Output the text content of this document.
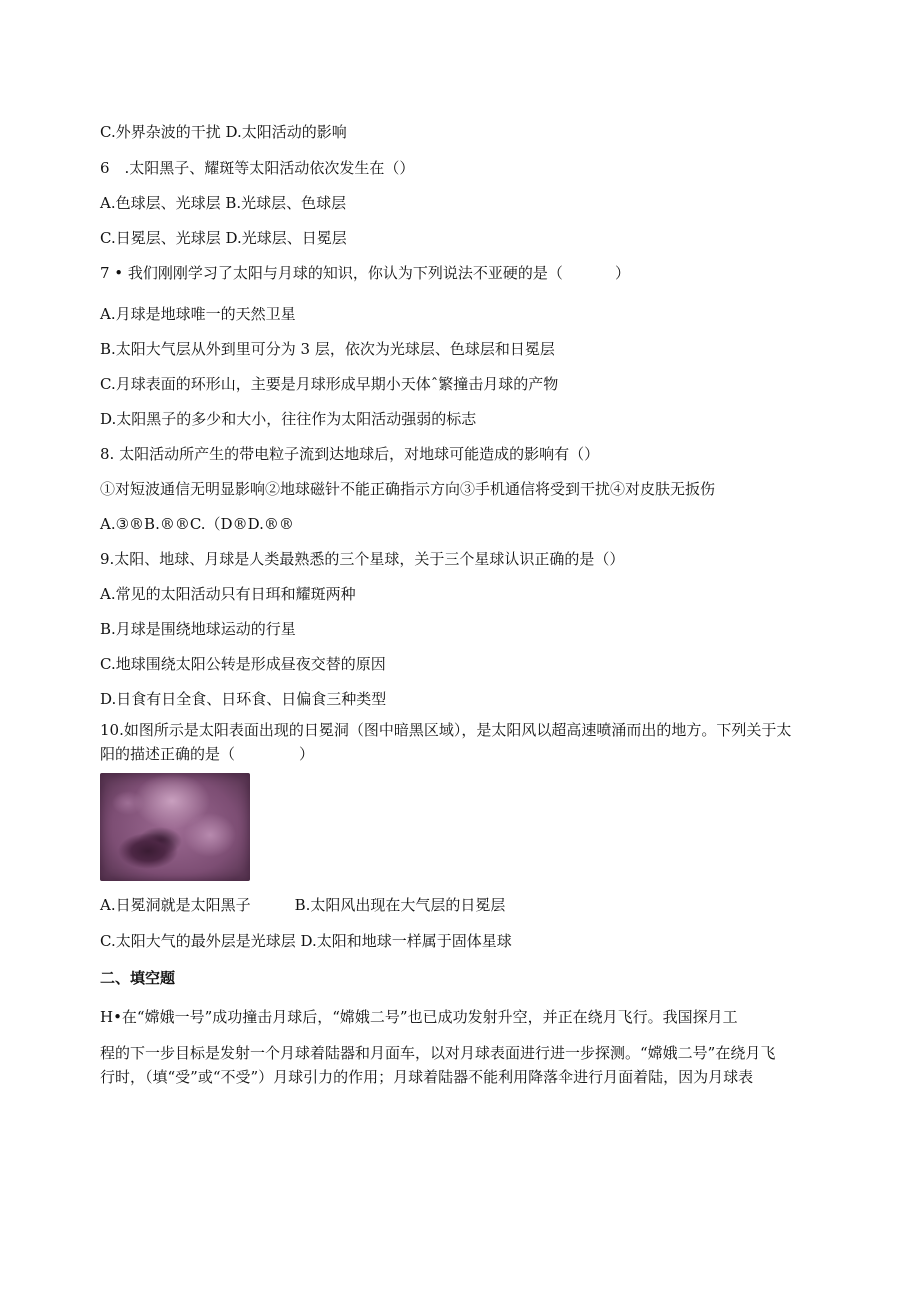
C.外界杂波的干扰 D.太阳活动的影响

6　.太阳黑子、耀斑等太阳活动依次发生在（）

A.色球层、光球层 B.光球层、色球层

C.日冕层、光球层 D.光球层、日冕层

7 • 我们刚刚学习了太阳与月球的知识，你认为下列说法不亚硬的是（	）

A.月球是地球唯一的天然卫星

B.太阳大气层从外到里可分为 3 层，依次为光球层、色球层和日冕层

C.月球表面的环形山，主要是月球形成早期小天体ˆ繁撞击月球的产物

D.太阳黑子的多少和大小，往往作为太阳活动强弱的标志

8. 太阳活动所产生的带电粒子流到达地球后，对地球可能造成的影响有（）

①对短波通信无明显影响②地球磁针不能正确指示方向③手机通信将受到干扰④对皮肤无扳伤

A.③®B.®®C.（D®D.®®

9.太阳、地球、月球是人类最熟悉的三个星球，关于三个星球认识正确的是（）

A.常见的太阳活动只有日珥和耀斑两种

B.月球是围绕地球运动的行星

C.地球围绕太阳公转是形成昼夜交替的原因

D.日食有日全食、日环食、日偏食三种类型

10.如图所示是太阳表面出现的日冕洞（图中暗黑区域），是太阳风以超高速喷涌而出的地方。下列关于太

阳的描述正确的是（	）

A.日冕洞就是太阳黑子	B.太阳风出现在大气层的日冕层

C.太阳大气的最外层是光球层 D.太阳和地球一样属于固体星球

二、填空题

H•在“嫦娥一号”成功撞击月球后，“嫦娥二号”也已成功发射升空，并正在绕月飞行。我国探月工

程的下一步目标是发射一个月球着陆器和月面车，以对月球表面进行进一步探测。“嫦娥二号”在绕月飞

行时，（填“受”或“不受”）月球引力的作用；月球着陆器不能利用降落伞进行月面着陆，因为月球表
